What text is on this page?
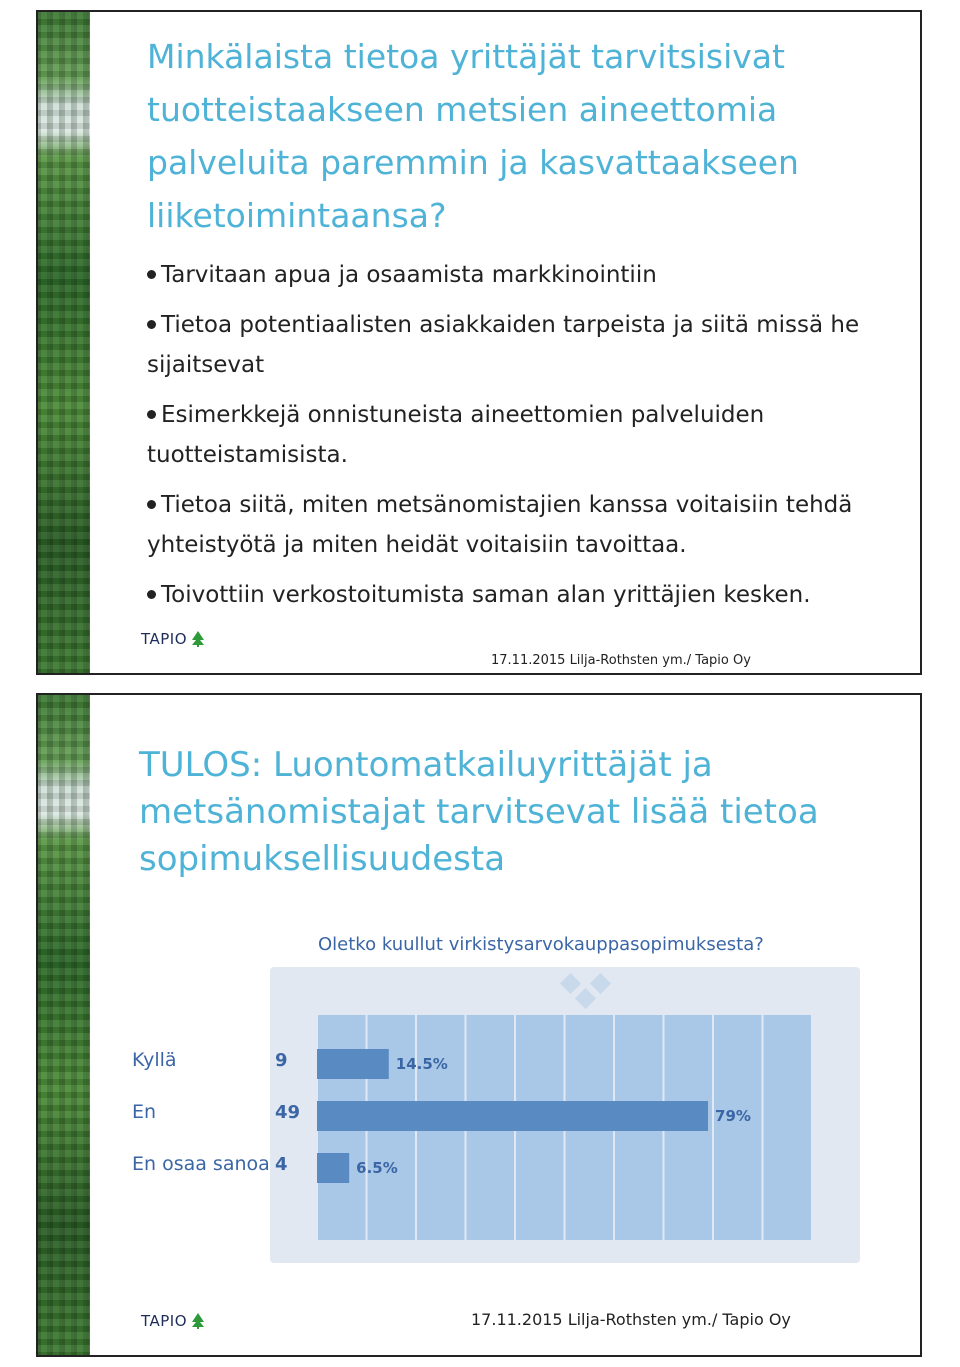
Minkälaista tietoa yrittäjät tarvitsisivat tuotteistaakseen metsien aineettomia palveluita paremmin ja kasvattaakseen liiketoimintaansa?
Tarvitaan apua ja osaamista markkinointiin
Tietoa potentiaalisten asiakkaiden tarpeista ja siitä missä he sijaitsevat
Esimerkkejä onnistuneista aineettomien palveluiden tuotteistamisista.
Tietoa siitä, miten metsänomistajien kanssa voitaisiin tehdä yhteistyötä ja miten heidät voitaisiin tavoittaa.
Toivottiin verkostoitumista saman alan yrittäjien kesken.
TAPIO
17.11.2015 Lilja-Rothsten ym./ Tapio Oy
TULOS: Luontomatkailuyrittäjät ja metsänomistajat tarvitsevat lisää tietoa sopimuksellisuudesta
Oletko kuullut virkistysarvokauppasopimuksesta?
Kyllä
En
En osaa sanoa
9
49
4
14.5%
79%
6.5%
TAPIO	17.11.2015 Lilja-Rothsten ym./ Tapio Oy
